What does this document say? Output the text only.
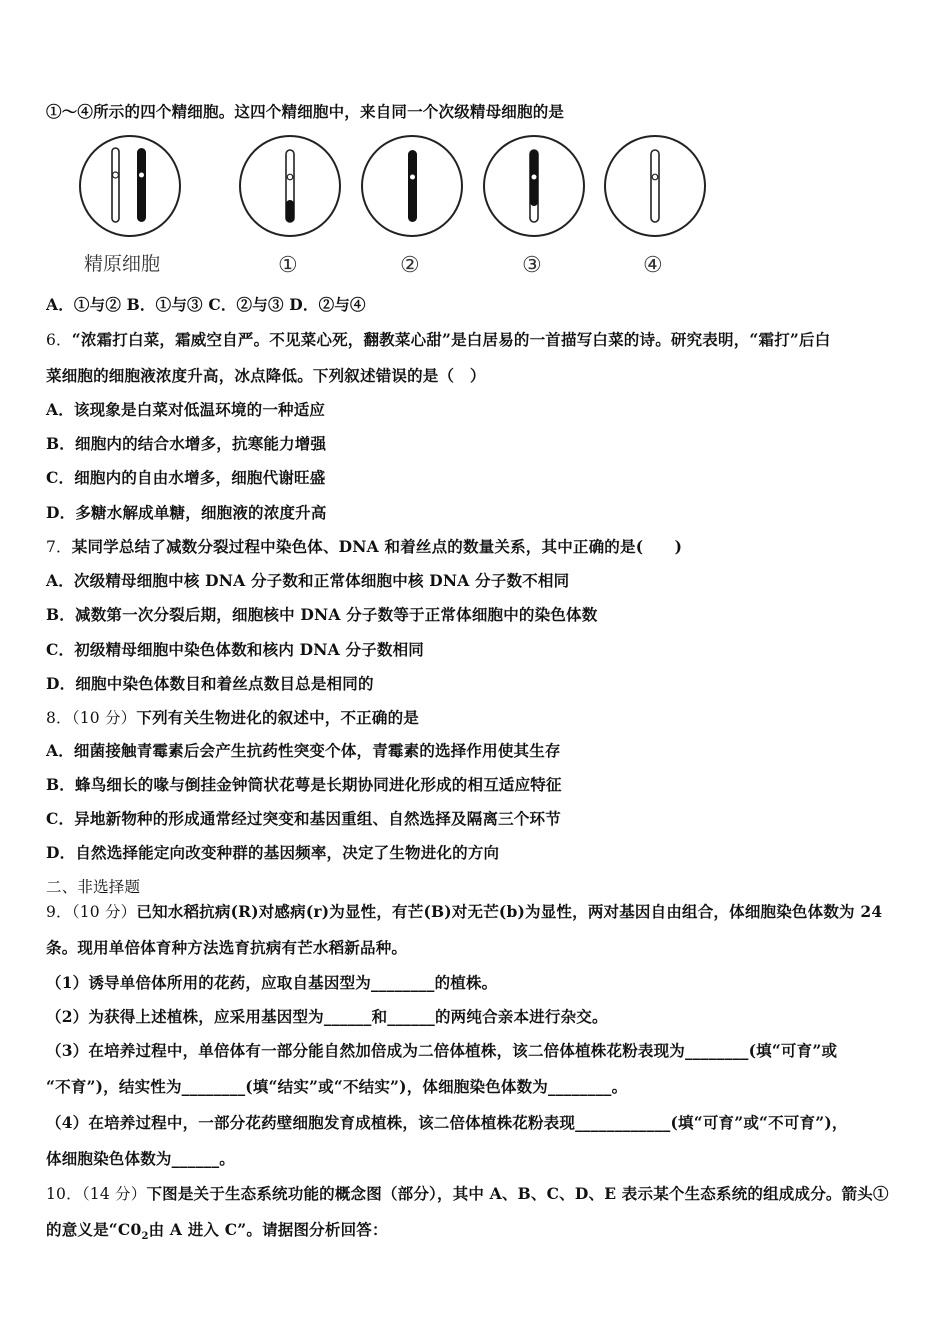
①～④所示的四个精细胞。这四个精细胞中，来自同一个次级精母细胞的是
精原细胞	①	②	③	④
A．①与② B．①与③ C．②与③ D．②与④
6．“浓霜打白菜，霜威空自严。不见菜心死，翻教菜心甜”是白居易的一首描写白菜的诗。研究表明，“霜打”后白
菜细胞的细胞液浓度升高，冰点降低。下列叙述错误的是（　）
A．该现象是白菜对低温环境的一种适应
B．细胞内的结合水增多，抗寒能力增强
C．细胞内的自由水增多，细胞代谢旺盛
D．多糖水解成单糖，细胞液的浓度升高
7．某同学总结了减数分裂过程中染色体、DNA 和着丝点的数量关系，其中正确的是(　　)
A．次级精母细胞中核 DNA 分子数和正常体细胞中核 DNA 分子数不相同
B．减数第一次分裂后期，细胞核中 DNA 分子数等于正常体细胞中的染色体数
C．初级精母细胞中染色体数和核内 DNA 分子数相同
D．细胞中染色体数目和着丝点数目总是相同的
8．（10 分）下列有关生物进化的叙述中，不正确的是
A．细菌接触青霉素后会产生抗药性突变个体，青霉素的选择作用使其生存
B．蜂鸟细长的喙与倒挂金钟筒状花萼是长期协同进化形成的相互适应特征
C．异地新物种的形成通常经过突变和基因重组、自然选择及隔离三个环节
D．自然选择能定向改变种群的基因频率，决定了生物进化的方向
二、非选择题
9．（10 分）已知水稻抗病(R)对感病(r)为显性，有芒(B)对无芒(b)为显性，两对基因自由组合，体细胞染色体数为 24
条。现用单倍体育种方法选育抗病有芒水稻新品种。
（1）诱导单倍体所用的花药，应取自基因型为________的植株。
（2）为获得上述植株，应采用基因型为______和______的两纯合亲本进行杂交。
（3）在培养过程中，单倍体有一部分能自然加倍成为二倍体植株，该二倍体植株花粉表现为________(填“可育”或
“不育”)，结实性为________(填“结实”或“不结实”)，体细胞染色体数为________。
（4）在培养过程中，一部分花药壁细胞发育成植株，该二倍体植株花粉表现____________(填“可育”或“不可育”)，
体细胞染色体数为______。
10．（14 分）下图是关于生态系统功能的概念图（部分），其中 A、B、C、D、E 表示某个生态系统的组成成分。箭头①
的意义是“$C0_2$由 A 进入 C”。请据图分析回答：
